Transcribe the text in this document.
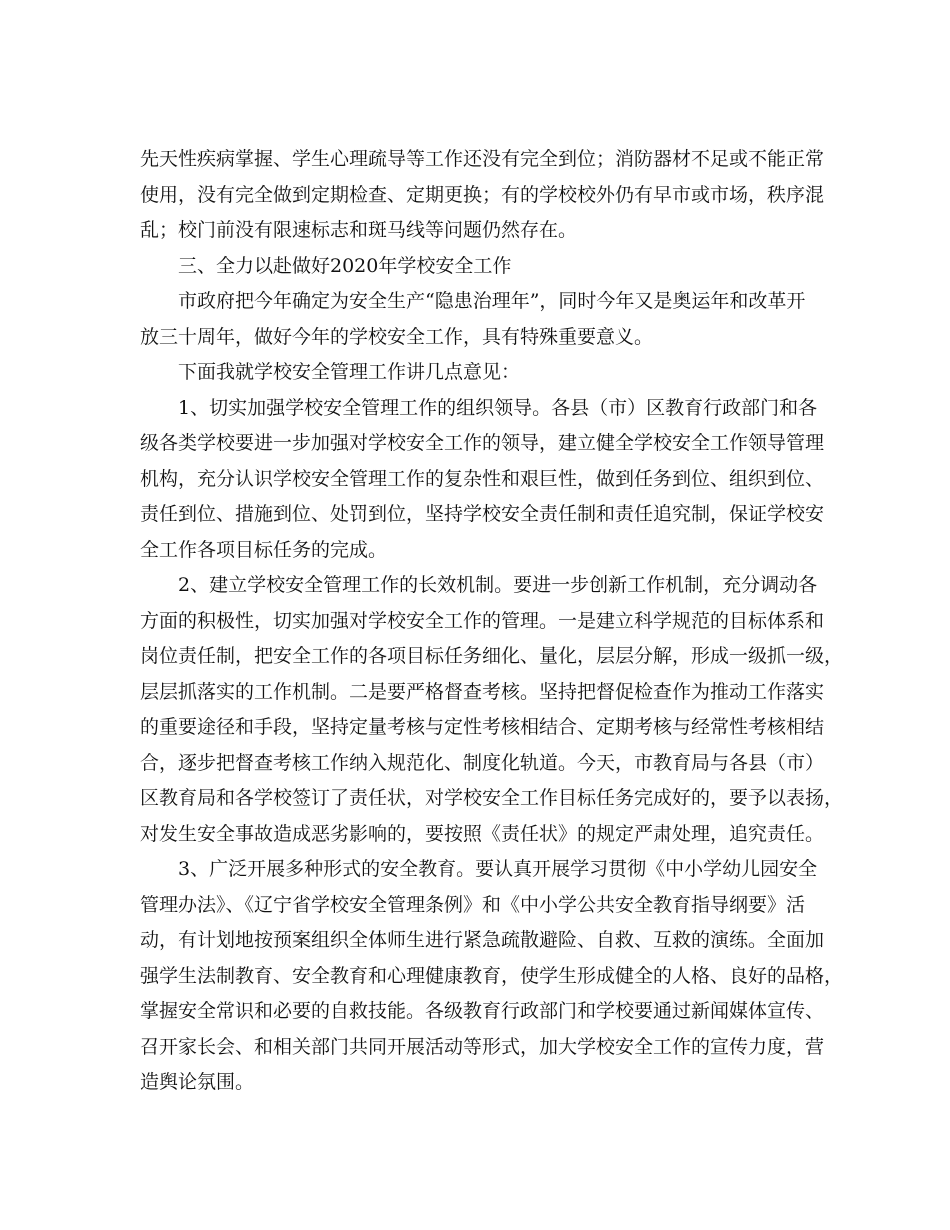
先天性疾病掌握、学生心理疏导等工作还没有完全到位；消防器材不足或不能正常
使用，没有完全做到定期检查、定期更换；有的学校校外仍有早市或市场，秩序混
乱；校门前没有限速标志和斑马线等问题仍然存在。
三、全力以赴做好2020年学校安全工作
市政府把今年确定为安全生产“隐患治理年”，同时今年又是奥运年和改革开
放三十周年，做好今年的学校安全工作，具有特殊重要意义。
下面我就学校安全管理工作讲几点意见：
1、切实加强学校安全管理工作的组织领导。各县（市）区教育行政部门和各
级各类学校要进一步加强对学校安全工作的领导，建立健全学校安全工作领导管理
机构，充分认识学校安全管理工作的复杂性和艰巨性，做到任务到位、组织到位、
责任到位、措施到位、处罚到位，坚持学校安全责任制和责任追究制，保证学校安
全工作各项目标任务的完成。
2、建立学校安全管理工作的长效机制。要进一步创新工作机制，充分调动各
方面的积极性，切实加强对学校安全工作的管理。一是建立科学规范的目标体系和
岗位责任制，把安全工作的各项目标任务细化、量化，层层分解，形成一级抓一级，
层层抓落实的工作机制。二是要严格督查考核。坚持把督促检查作为推动工作落实
的重要途径和手段，坚持定量考核与定性考核相结合、定期考核与经常性考核相结
合，逐步把督查考核工作纳入规范化、制度化轨道。今天，市教育局与各县（市）
区教育局和各学校签订了责任状，对学校安全工作目标任务完成好的，要予以表扬，
对发生安全事故造成恶劣影响的，要按照《责任状》的规定严肃处理，追究责任。
3、广泛开展多种形式的安全教育。要认真开展学习贯彻《中小学幼儿园安全
管理办法》、《辽宁省学校安全管理条例》和《中小学公共安全教育指导纲要》活
动，有计划地按预案组织全体师生进行紧急疏散避险、自救、互救的演练。全面加
强学生法制教育、安全教育和心理健康教育，使学生形成健全的人格、良好的品格，
掌握安全常识和必要的自救技能。各级教育行政部门和学校要通过新闻媒体宣传、
召开家长会、和相关部门共同开展活动等形式，加大学校安全工作的宣传力度，营
造舆论氛围。
